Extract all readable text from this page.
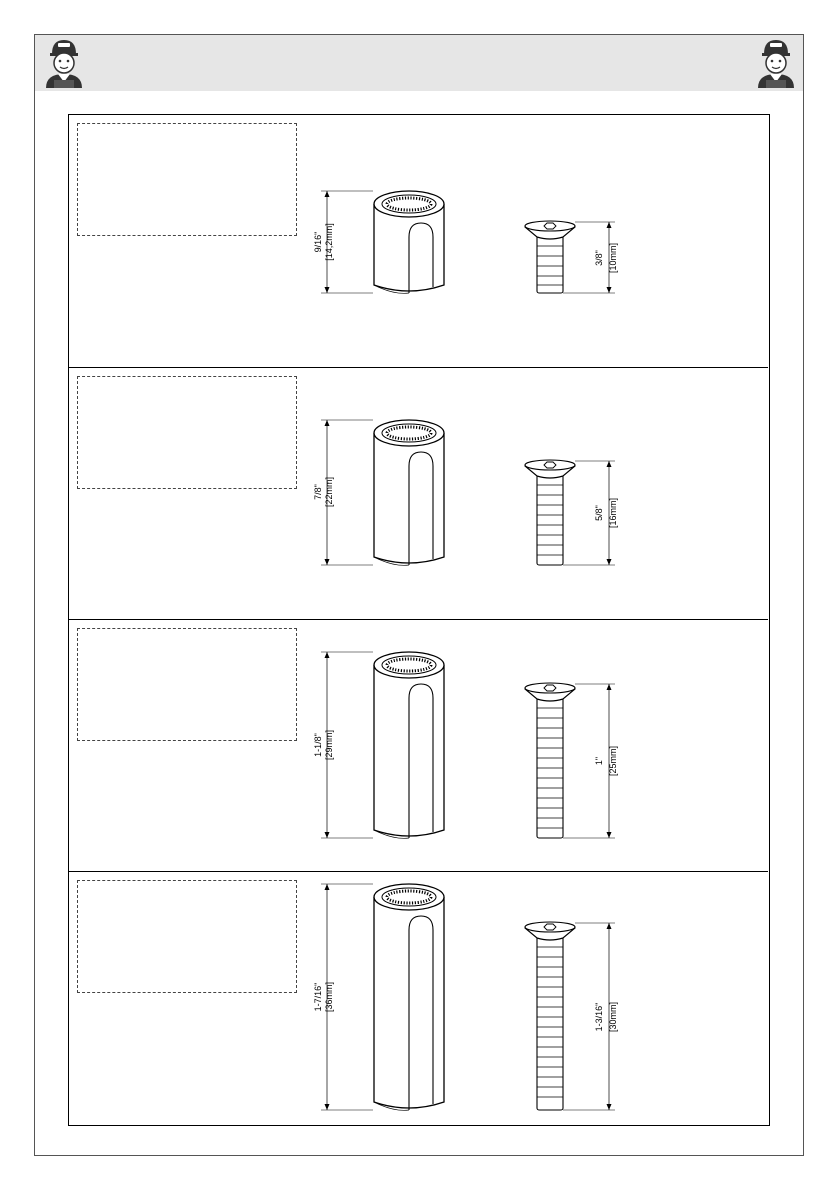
9/16" [14,2mm]	3/8" [10mm]
7/8" [22mm]
5/8" [16mm]
1-1/8" [29mm]
1" [25mm]
1-7/16" [36mm]
1-3/16" [30mm]
